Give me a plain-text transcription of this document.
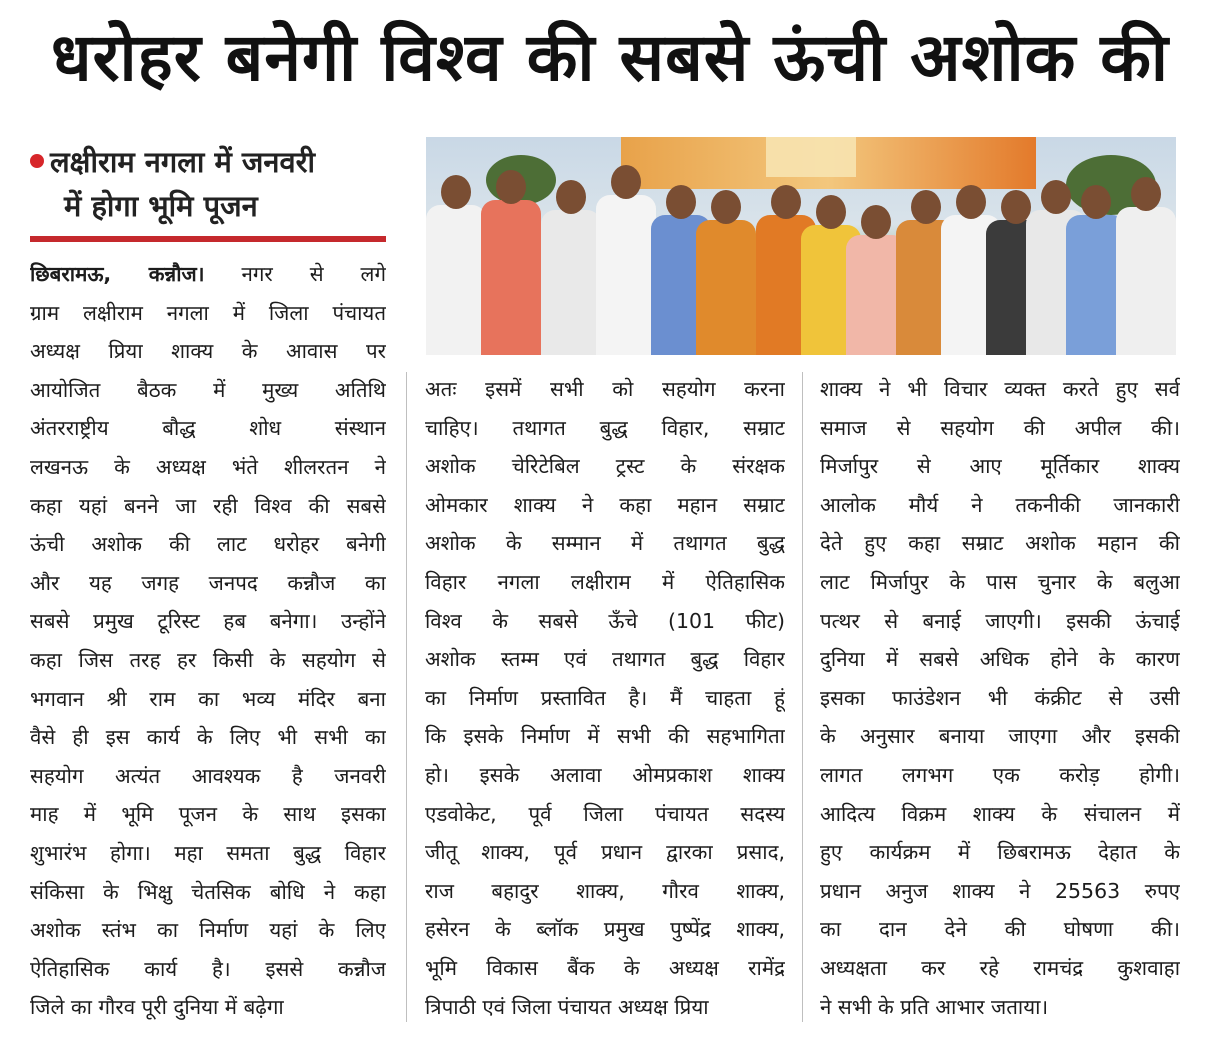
धरोहर बनेगी विश्व की सबसे ऊंची अशोक की
लक्षीराम नगला में जनवरी
में होगा भूमि पूजन
छिबरामऊ, कन्नौज। नगर से लगे
ग्राम लक्षीराम नगला में जिला पंचायत
अध्यक्ष प्रिया शाक्य के आवास पर
आयोजित बैठक में मुख्य अतिथि
अंतरराष्ट्रीय बौद्ध शोध संस्थान
लखनऊ के अध्यक्ष भंते शीलरतन ने
कहा यहां बनने जा रही विश्व की सबसे
ऊंची अशोक की लाट धरोहर बनेगी
और यह जगह जनपद कन्नौज का
सबसे प्रमुख टूरिस्ट हब बनेगा। उन्होंने
कहा जिस तरह हर किसी के सहयोग से
भगवान श्री राम का भव्य मंदिर बना
वैसे ही इस कार्य के लिए भी सभी का
सहयोग अत्यंत आवश्यक है जनवरी
माह में भूमि पूजन के साथ इसका
शुभारंभ होगा। महा समता बुद्ध विहार
संकिसा के भिक्षु चेतसिक बोधि ने कहा
अशोक स्तंभ का निर्माण यहां के लिए
ऐतिहासिक कार्य है। इससे कन्नौज
जिले का गौरव पूरी दुनिया में बढ़ेगा
अतः इसमें सभी को सहयोग करना
चाहिए। तथागत बुद्ध विहार, सम्राट
अशोक चेरिटेबिल ट्रस्ट के संरक्षक
ओमकार शाक्य ने कहा महान सम्राट
अशोक के सम्मान में तथागत बुद्ध
विहार नगला लक्षीराम में ऐतिहासिक
विश्व के सबसे ऊँचे (101 फीट)
अशोक स्तम्म एवं तथागत बुद्ध विहार
का निर्माण प्रस्तावित है। मैं चाहता हूं
कि इसके निर्माण में सभी की सहभागिता
हो। इसके अलावा ओमप्रकाश शाक्य
एडवोकेट, पूर्व जिला पंचायत सदस्य
जीतू शाक्य, पूर्व प्रधान द्वारका प्रसाद,
राज बहादुर शाक्य, गौरव शाक्य,
हसेरन के ब्लॉक प्रमुख पुष्पेंद्र शाक्य,
भूमि विकास बैंक के अध्यक्ष रामेंद्र
त्रिपाठी एवं जिला पंचायत अध्यक्ष प्रिया
शाक्य ने भी विचार व्यक्त करते हुए सर्व
समाज से सहयोग की अपील की।
मिर्जापुर से आए मूर्तिकार शाक्य
आलोक मौर्य ने तकनीकी जानकारी
देते हुए कहा सम्राट अशोक महान की
लाट मिर्जापुर के पास चुनार के बलुआ
पत्थर से बनाई जाएगी। इसकी ऊंचाई
दुनिया में सबसे अधिक होने के कारण
इसका फाउंडेशन भी कंक्रीट से उसी
के अनुसार बनाया जाएगा और इसकी
लागत लगभग एक करोड़ होगी।
आदित्य विक्रम शाक्य के संचालन में
हुए कार्यक्रम में छिबरामऊ देहात के
प्रधान अनुज शाक्य ने 25563 रुपए
का दान देने की घोषणा की।
अध्यक्षता कर रहे रामचंद्र कुशवाहा
ने सभी के प्रति आभार जताया।
